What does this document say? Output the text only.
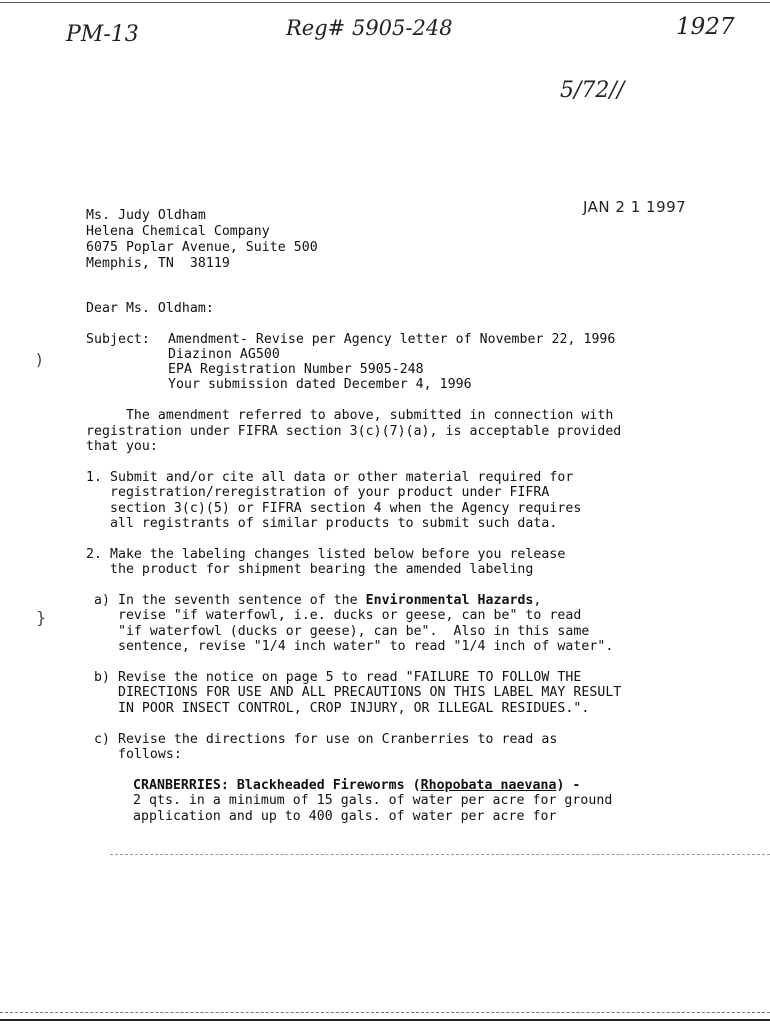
PM-13	Reg# 5905-248	1927
5/72//
JAN 2 1 1997
Ms. Judy Oldham
Helena Chemical Company
6075 Poplar Avenue, Suite 500
Memphis, TN  38119
Dear Ms. Oldham:
Subject: Amendment- Revise per Agency letter of November 22, 1996
Diazinon AG500
EPA Registration Number 5905-248
Your submission dated December 4, 1996
The amendment referred to above, submitted in connection with
registration under FIFRA section 3(c)(7)(a), is acceptable provided
that you:
1. Submit and/or cite all data or other material required for
registration/reregistration of your product under FIFRA
section 3(c)(5) or FIFRA section 4 when the Agency requires
all registrants of similar products to submit such data.
2. Make the labeling changes listed below before you release
the product for shipment bearing the amended labeling
a) In the seventh sentence of the Environmental Hazards,
revise "if waterfowl, i.e. ducks or geese, can be" to read
"if waterfowl (ducks or geese), can be".  Also in this same
sentence, revise "1/4 inch water" to read "1/4 inch of water".
b) Revise the notice on page 5 to read "FAILURE TO FOLLOW THE
DIRECTIONS FOR USE AND ALL PRECAUTIONS ON THIS LABEL MAY RESULT
IN POOR INSECT CONTROL, CROP INJURY, OR ILLEGAL RESIDUES.".
c) Revise the directions for use on Cranberries to read as
follows:
CRANBERRIES: Blackheaded Fireworms (Rhopobata naevana) -
2 qts. in a minimum of 15 gals. of water per acre for ground
application and up to 400 gals. of water per acre for
)
}
